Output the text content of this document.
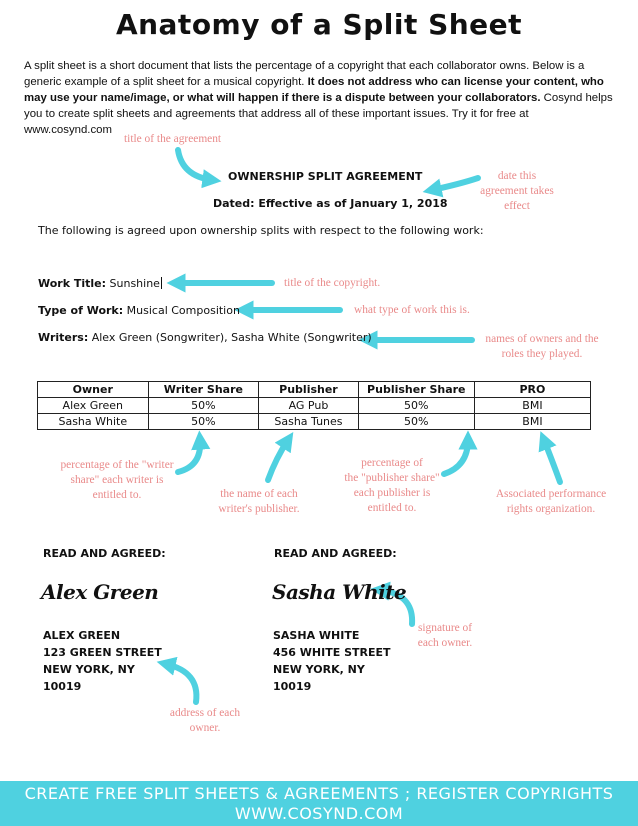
Anatomy of a Split Sheet
A split sheet is a short document that lists the percentage of a copyright that each collaborator owns. Below is a generic example of a split sheet for a musical copyright. It does not address who can license your content, who may use your name/image, or what will happen if there is a dispute between your collaborators. Cosynd helps you to create split sheets and agreements that address all of these important issues. Try it for free at www.cosynd.com
title of the agreement
date this
agreement takes
effect
title of the copyright.
what type of work this is.
names of owners and the
roles they played.
percentage of the "writer
share" each writer is
entitled to.	the name of each
writer's publisher.
percentage of
the "publisher share"
each publisher is
entitled to.
Associated performance
rights organization.
signature of
each owner.
address of each
owner.
OWNERSHIP SPLIT AGREEMENT
Dated: Effective as of January 1, 2018
The following is agreed upon ownership splits with respect to the following work:
Work Title: Sunshine
Type of Work: Musical Composition
Writers: Alex Green (Songwriter), Sasha White (Songwriter)
Owner	Writer Share	Publisher	Publisher Share	PRO
Alex Green	50%	AG Pub	50%	BMI
Sasha White	50%	Sasha Tunes	50%	BMI
READ AND AGREED:
Alex Green
ALEX GREEN
123 GREEN STREET
NEW YORK, NY
10019
READ AND AGREED:
Sasha White
SASHA WHITE
456 WHITE STREET
NEW YORK, NY
10019
CREATE FREE SPLIT SHEETS & AGREEMENTS ; REGISTER COPYRIGHTS
WWW.COSYND.COM
